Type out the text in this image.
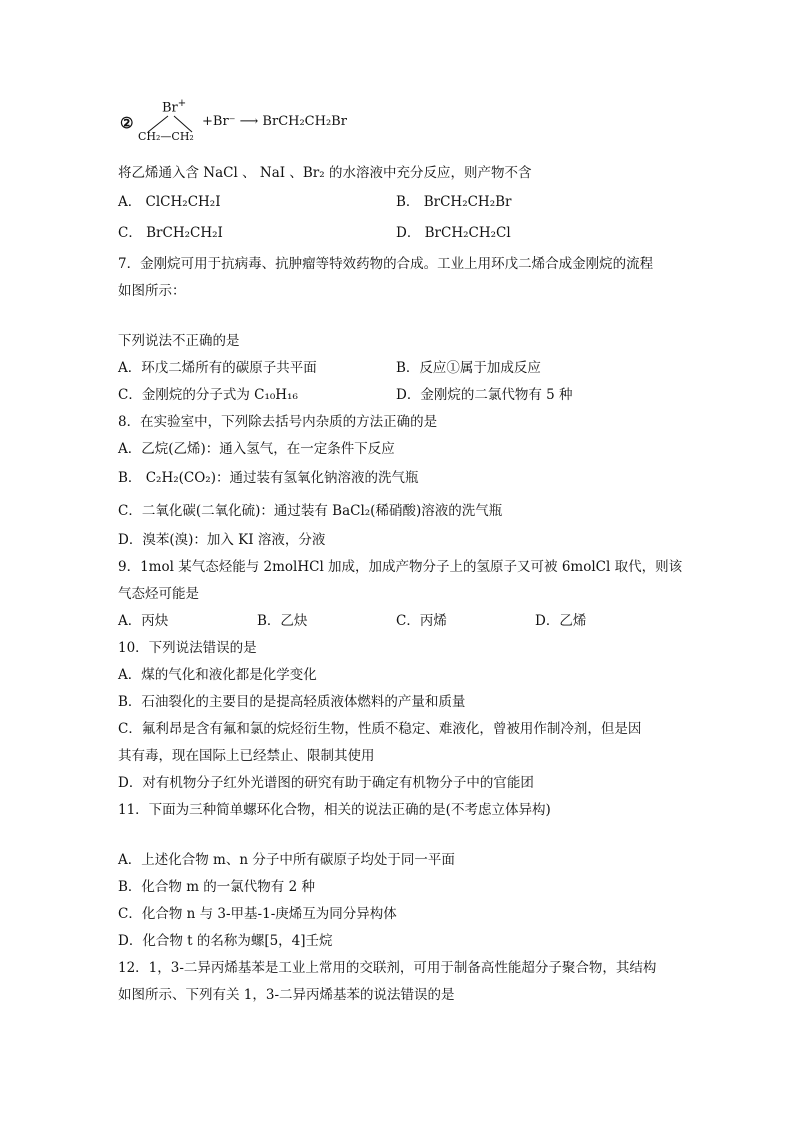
②
Br+
CH₂—CH₂
+Br⁻ ⟶ BrCH₂CH₂Br
将乙烯通入含 NaCl 、 NaI 、Br₂ 的水溶液中充分反应，则产物不含
A． ClCH₂CH₂I	B． BrCH₂CH₂Br
C． BrCH₂CH₂I	D． BrCH₂CH₂Cl
7．金刚烷可用于抗病毒、抗肿瘤等特效药物的合成。工业上用环戊二烯合成金刚烷的流程
如图所示：
下列说法不正确的是
A．环戊二烯所有的碳原子共平面	B．反应①属于加成反应
C．金刚烷的分子式为 C₁₀H₁₆	D．金刚烷的二氯代物有 5 种
8．在实验室中，下列除去括号内杂质的方法正确的是
A．乙烷(乙烯)：通入氢气，在一定条件下反应
B． C₂H₂(CO₂)：通过装有氢氧化钠溶液的洗气瓶
C．二氧化碳(二氧化硫)：通过装有 BaCl₂(稀硝酸)溶液的洗气瓶
D．溴苯(溴)：加入 KI 溶液，分液
9．1mol 某气态烃能与 2molHCl 加成，加成产物分子上的氢原子又可被 6molCl 取代，则该
气态烃可能是
A．丙炔	B．乙炔	C．丙烯	D．乙烯
10．下列说法错误的是
A．煤的气化和液化都是化学变化
B．石油裂化的主要目的是提高轻质液体燃料的产量和质量
C．氟利昂是含有氟和氯的烷烃衍生物，性质不稳定、难液化，曾被用作制冷剂，但是因
其有毒，现在国际上已经禁止、限制其使用
D．对有机物分子红外光谱图的研究有助于确定有机物分子中的官能团
11．下面为三种简单螺环化合物，相关的说法正确的是(不考虑立体异构)
A．上述化合物 m、n 分子中所有碳原子均处于同一平面
B．化合物 m 的一氯代物有 2 种
C．化合物 n 与 3-甲基-1-庚烯互为同分异构体
D．化合物 t 的名称为螺[5，4]壬烷
12．1，3-二异丙烯基苯是工业上常用的交联剂，可用于制备高性能超分子聚合物，其结构
如图所示、下列有关 1，3-二异丙烯基苯的说法错误的是
